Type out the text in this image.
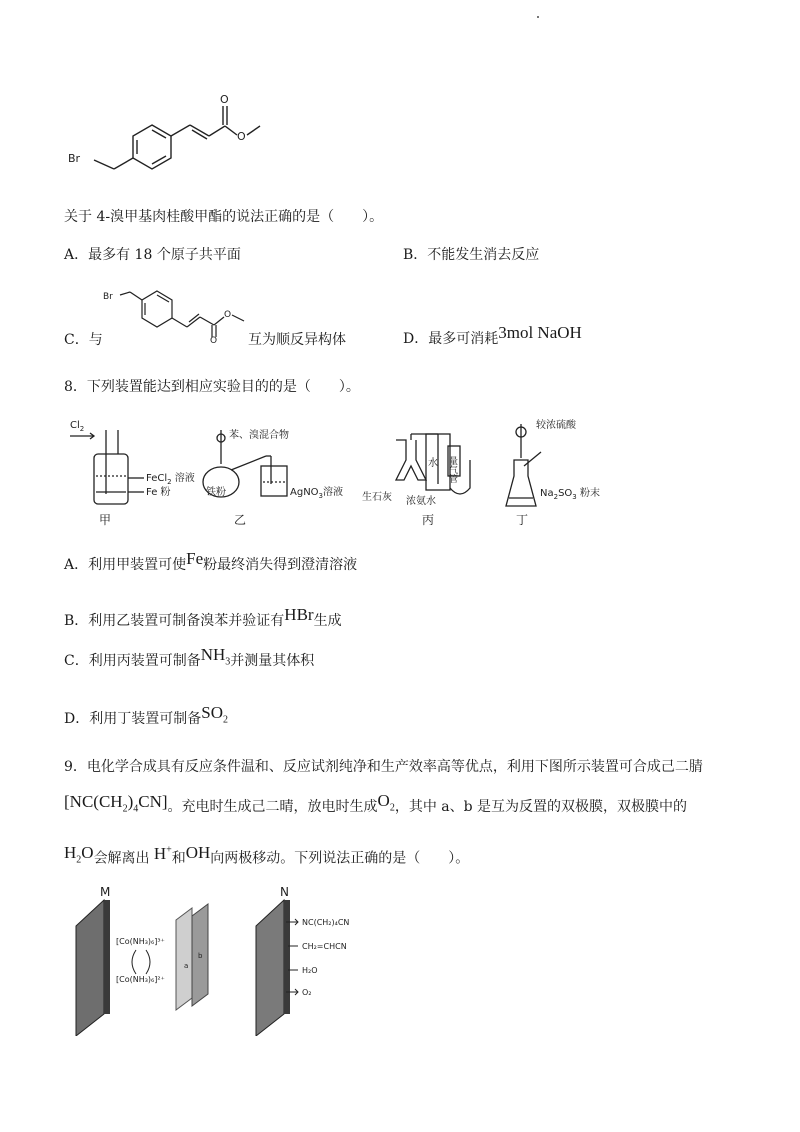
Br
O
O
关于 4-溴甲基肉桂酸甲酯的说法正确的是（　　）。
A．最多有 18 个原子共平面	B．不能发生消去反应
Br
O
O
C．与	互为顺反异构体	D．最多可消耗3mol NaOH
8．下列装置能达到相应实验目的的是（　　）。
$Cl_2$
FeCl$_2$ 溶液
Fe 粉
甲
苯、溴混合物
铁粉	AgNO$_3$溶液
乙
水 量气管
生石灰 浓氨水
丙
较浓硫酸
$Na_2SO_3$ 粉末
丁
A．利用甲装置可使Fe粉最终消失得到澄清溶液
B．利用乙装置可制备溴苯并验证有HBr生成
C．利用丙装置可制备$NH_3$并测量其体积
D．利用丁装置可制备$SO_2$
9．电化学合成具有反应条件温和、反应试剂纯净和生产效率高等优点，利用下图所示装置可合成己二腈
$[NC(CH_2)_4CN]$。充电时生成己二晴，放电时生成$O_2$，其中 a、b 是互为反置的双极膜，双极膜中的
$H_2O$会解离出 H+和OH向两极移动。下列说法正确的是（　　）。
M
[Co(NH₃)₆]³⁺
[Co(NH₃)₆]²⁺
a
b
N
NC(CH₂)₄CN
CH₂=CHCN
H₂O
O₂
